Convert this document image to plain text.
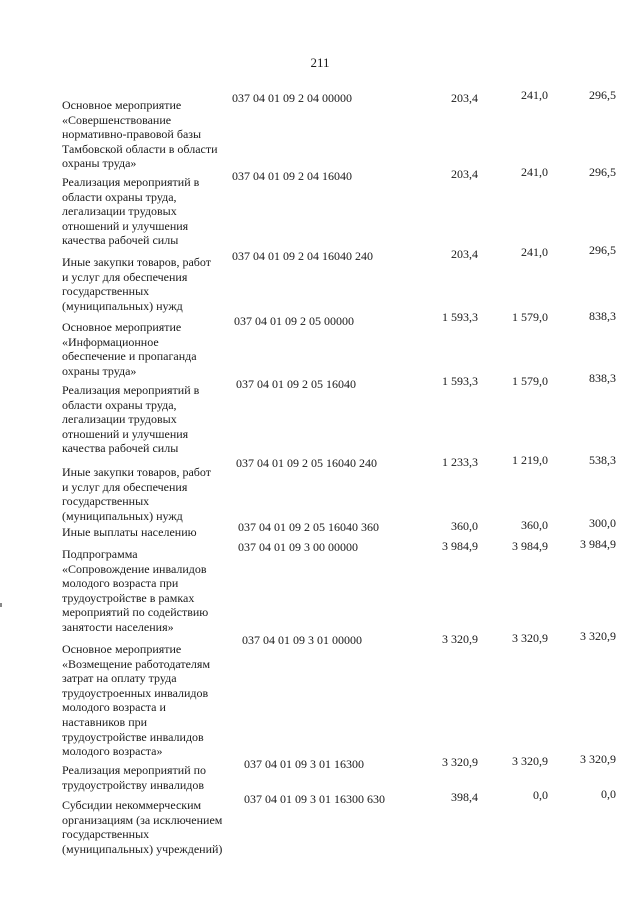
211
Основное мероприятие
«Совершенствование
нормативно-правовой базы
Тамбовской области в области
охраны труда»
037 04 01 09 2 04 00000	203,4	241,0	296,5
Реализация мероприятий в
области охраны труда,
легализации трудовых
отношений и улучшения
качества рабочей силы
037 04 01 09 2 04 16040	203,4	241,0	296,5
Иные закупки товаров, работ
и услуг для обеспечения
государственных
(муниципальных) нужд
037 04 01 09 2 04 16040 240	203,4	241,0	296,5
Основное мероприятие
«Информационное
обеспечение и пропаганда
охраны труда»
037 04 01 09 2 05 00000	1 593,3	1 579,0	838,3
Реализация мероприятий в
области охраны труда,
легализации трудовых
отношений и улучшения
качества рабочей силы
037 04 01 09 2 05 16040	1 593,3	1 579,0	838,3
Иные закупки товаров, работ
и услуг для обеспечения
государственных
(муниципальных) нужд
037 04 01 09 2 05 16040 240	1 233,3	1 219,0	538,3
Иные выплаты населению	037 04 01 09 2 05 16040 360	360,0	360,0	300,0
Подпрограмма
«Сопровождение инвалидов
молодого возраста при
трудоустройстве в рамках
мероприятий по содействию
занятости населения»
037 04 01 09 3 00 00000	3 984,9	3 984,9	3 984,9
Основное мероприятие
«Возмещение работодателям
затрат на оплату труда
трудоустроенных инвалидов
молодого возраста и
наставников при
трудоустройстве инвалидов
молодого возраста»
037 04 01 09 3 01 00000	3 320,9	3 320,9	3 320,9
Реализация мероприятий по
трудоустройству инвалидов
037 04 01 09 3 01 16300	3 320,9	3 320,9	3 320,9
Субсидии некоммерческим
организациям (за исключением
государственных
(муниципальных) учреждений)
037 04 01 09 3 01 16300 630	398,4	0,0	0,0
